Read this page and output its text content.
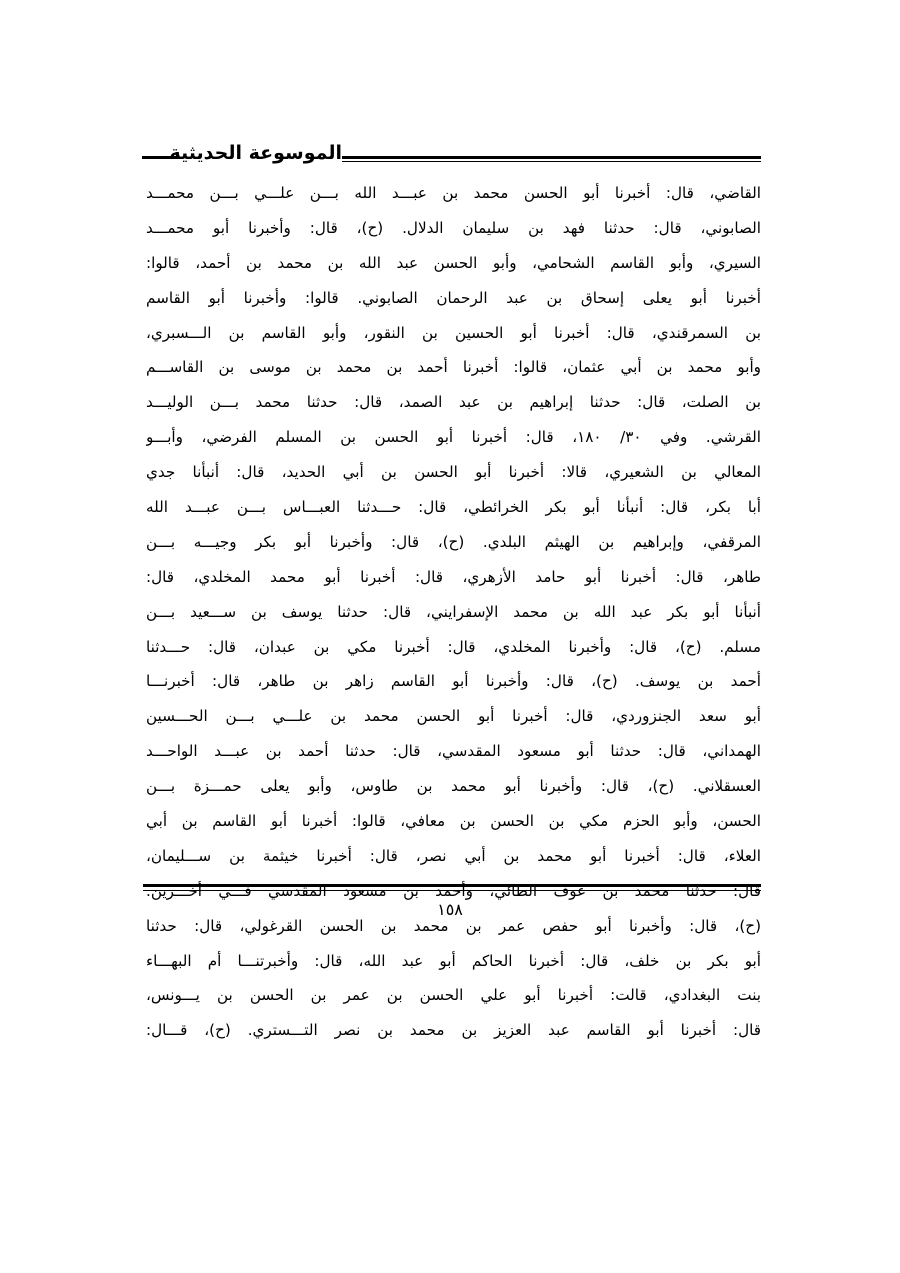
الموسوعة الحديثية
القاضي، قال: أخبرنا أبو الحسن محمد بن عبـــد الله بـــن علـــي بـــن محمـــد
الصابوني، قال: حدثنا فهد بن سليمان الدلال. (ح)، قال: وأخبرنا أبو محمـــد
السيري، وأبو القاسم الشحامي، وأبو الحسن عبد الله بن محمد بن أحمد، قالوا:
أخبرنا أبو يعلى إسحاق بن عبد الرحمان الصابوني. قالوا: وأخبرنا أبو القاسم
بن السمرقندي، قال: أخبرنا أبو الحسين بن النقور، وأبو القاسم بن الـــسبري،
وأبو محمد بن أبي عثمان، قالوا: أخبرنا أحمد بن محمد بن موسى بن القاســـم
بن الصلت، قال: حدثنا إبراهيم بن عبد الصمد، قال: حدثنا محمد بـــن الوليـــد
القرشي. وفي ٣٠/ ١٨٠، قال: أخبرنا أبو الحسن بن المسلم الفرضي، وأبـــو
المعالي بن الشعيري، قالا: أخبرنا أبو الحسن بن أبي الحديد، قال: أنبأنا جدي
أبا بكر، قال: أنبأنا أبو بكر الخرائطي، قال: حـــدثنا العبـــاس بـــن عبـــد الله
المرقفي، وإبراهيم بن الهيثم البلدي. (ح)، قال: وأخبرنا أبو بكر وجيـــه بـــن
طاهر، قال: أخبرنا أبو حامد الأزهري، قال: أخبرنا أبو محمد المخلدي، قال:
أنبأنا أبو بكر عبد الله بن محمد الإسفرايني، قال: حدثنا يوسف بن ســـعيد بـــن
مسلم. (ح)، قال: وأخبرنا المخلدي، قال: أخبرنا مكي بن عبدان، قال: حـــدثنا
أحمد بن يوسف. (ح)، قال: وأخبرنا أبو القاسم زاهر بن طاهر، قال: أخبرنـــا
أبو سعد الجنزوردي، قال: أخبرنا أبو الحسن محمد بن علـــي بـــن الحـــسين
الهمداني، قال: حدثنا أبو مسعود المقدسي، قال: حدثنا أحمد بن عبـــد الواحـــد
العسقلاني. (ح)، قال: وأخبرنا أبو محمد بن طاوس، وأبو يعلى حمـــزة بـــن
الحسن، وأبو الحزم مكي بن الحسن بن معافي، قالوا: أخبرنا أبو القاسم بن أبي
العلاء، قال: أخبرنا أبو محمد بن أبي نصر، قال: أخبرنا خيثمة بن ســـليمان،
قال: حدثنا محمد بن عوف الطائي، وأحمد بن مسعود المقدسي فـــي أخـــرين.
(ح)، قال: وأخبرنا أبو حفص عمر بن محمد بن الحسن القرغولي، قال: حدثنا
أبو بكر بن خلف، قال: أخبرنا الحاكم أبو عبد الله، قال: وأخبرتنـــا أم البهـــاء
بنت البغدادي، قالت: أخبرنا أبو علي الحسن بن عمر بن الحسن بن يـــونس،
قال: أخبرنا أبو القاسم عبد العزيز بن محمد بن نصر التـــستري. (ح)، قـــال:
١٥٨
